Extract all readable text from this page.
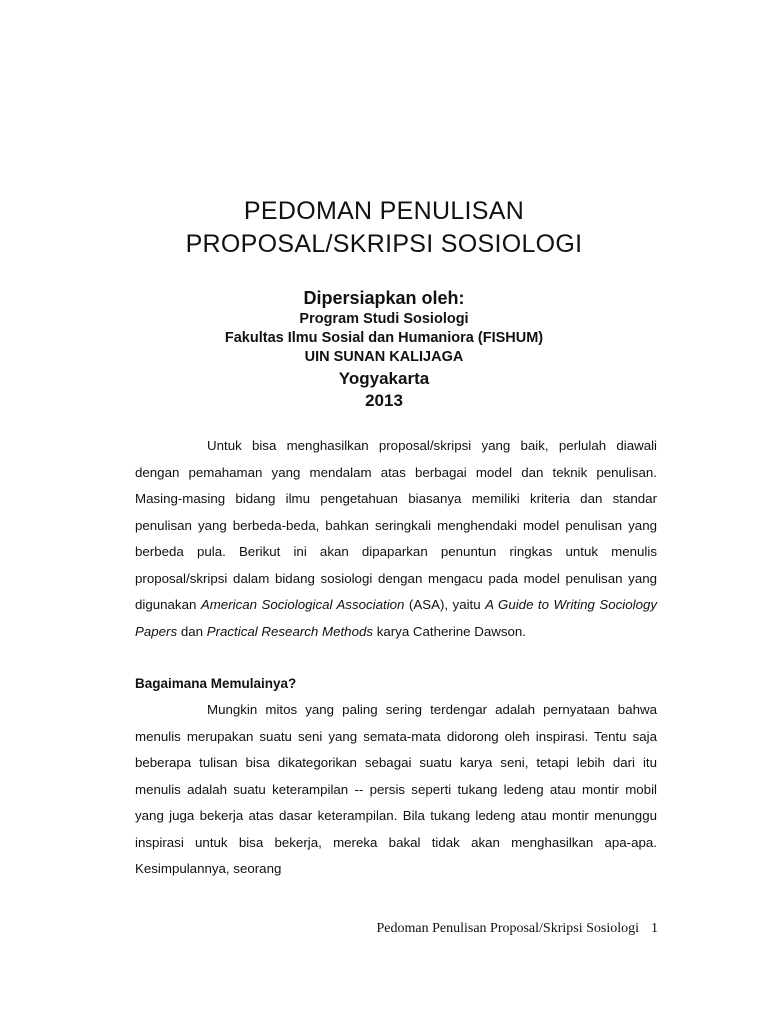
PEDOMAN PENULISAN
PROPOSAL/SKRIPSI SOSIOLOGI
Dipersiapkan oleh:
Program Studi Sosiologi
Fakultas Ilmu Sosial dan Humaniora (FISHUM)
UIN SUNAN KALIJAGA
Yogyakarta
2013

Untuk bisa menghasilkan proposal/skripsi yang baik, perlulah diawali dengan pemahaman yang mendalam atas berbagai model dan teknik penulisan. Masing-masing bidang ilmu pengetahuan biasanya memiliki kriteria dan standar penulisan yang berbeda-beda, bahkan seringkali menghendaki model penulisan yang berbeda pula. Berikut ini akan dipaparkan penuntun ringkas untuk menulis proposal/skripsi dalam bidang sosiologi dengan mengacu pada model penulisan yang digunakan American Sociological Association (ASA), yaitu A Guide to Writing Sociology Papers dan Practical Research Methods karya Catherine Dawson.

Bagaimana Memulainya?

Mungkin mitos yang paling sering terdengar adalah pernyataan bahwa menulis merupakan suatu seni yang semata-mata didorong oleh inspirasi. Tentu saja beberapa tulisan bisa dikategorikan sebagai suatu karya seni, tetapi lebih dari itu menulis adalah suatu keterampilan -- persis seperti tukang ledeng atau montir mobil yang juga bekerja atas dasar keterampilan. Bila tukang ledeng atau montir menunggu inspirasi untuk bisa bekerja, mereka bakal tidak akan menghasilkan apa-apa. Kesimpulannya, seorang

Pedoman Penulisan Proposal/Skripsi Sosiologi 1
